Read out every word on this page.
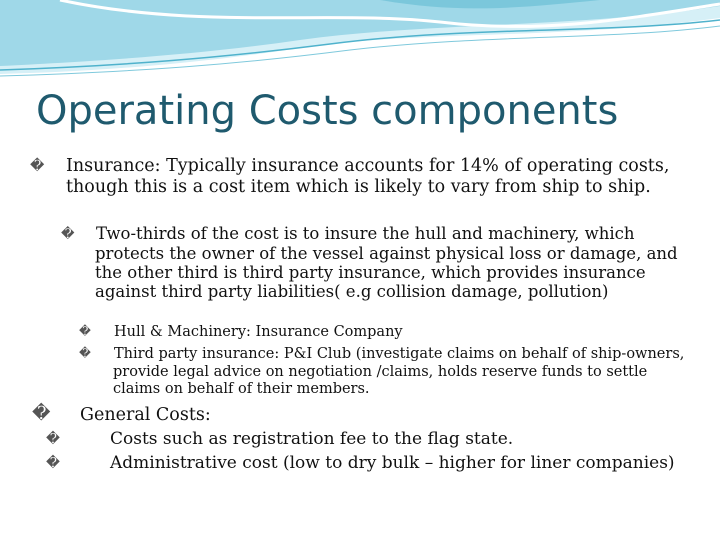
Operating Costs components
� Insurance: Typically insurance accounts for 14% of operating costs, though this is a cost item which is likely to vary from ship to ship.
� Two-thirds of the cost is to insure the hull and machinery, which protects the owner of the vessel against physical loss or damage, and the other third is third party insurance, which provides insurance against third party liabilities( e.g collision damage, pollution)
� Hull & Machinery: Insurance Company
� Third party insurance: P&I Club (investigate claims on behalf of ship-owners, provide legal advice on negotiation /claims, holds reserve funds to settle claims on behalf of their members.
� General Costs:
�	Costs such as registration fee to the flag state.
�	Administrative cost (low to dry bulk – higher for liner companies)
